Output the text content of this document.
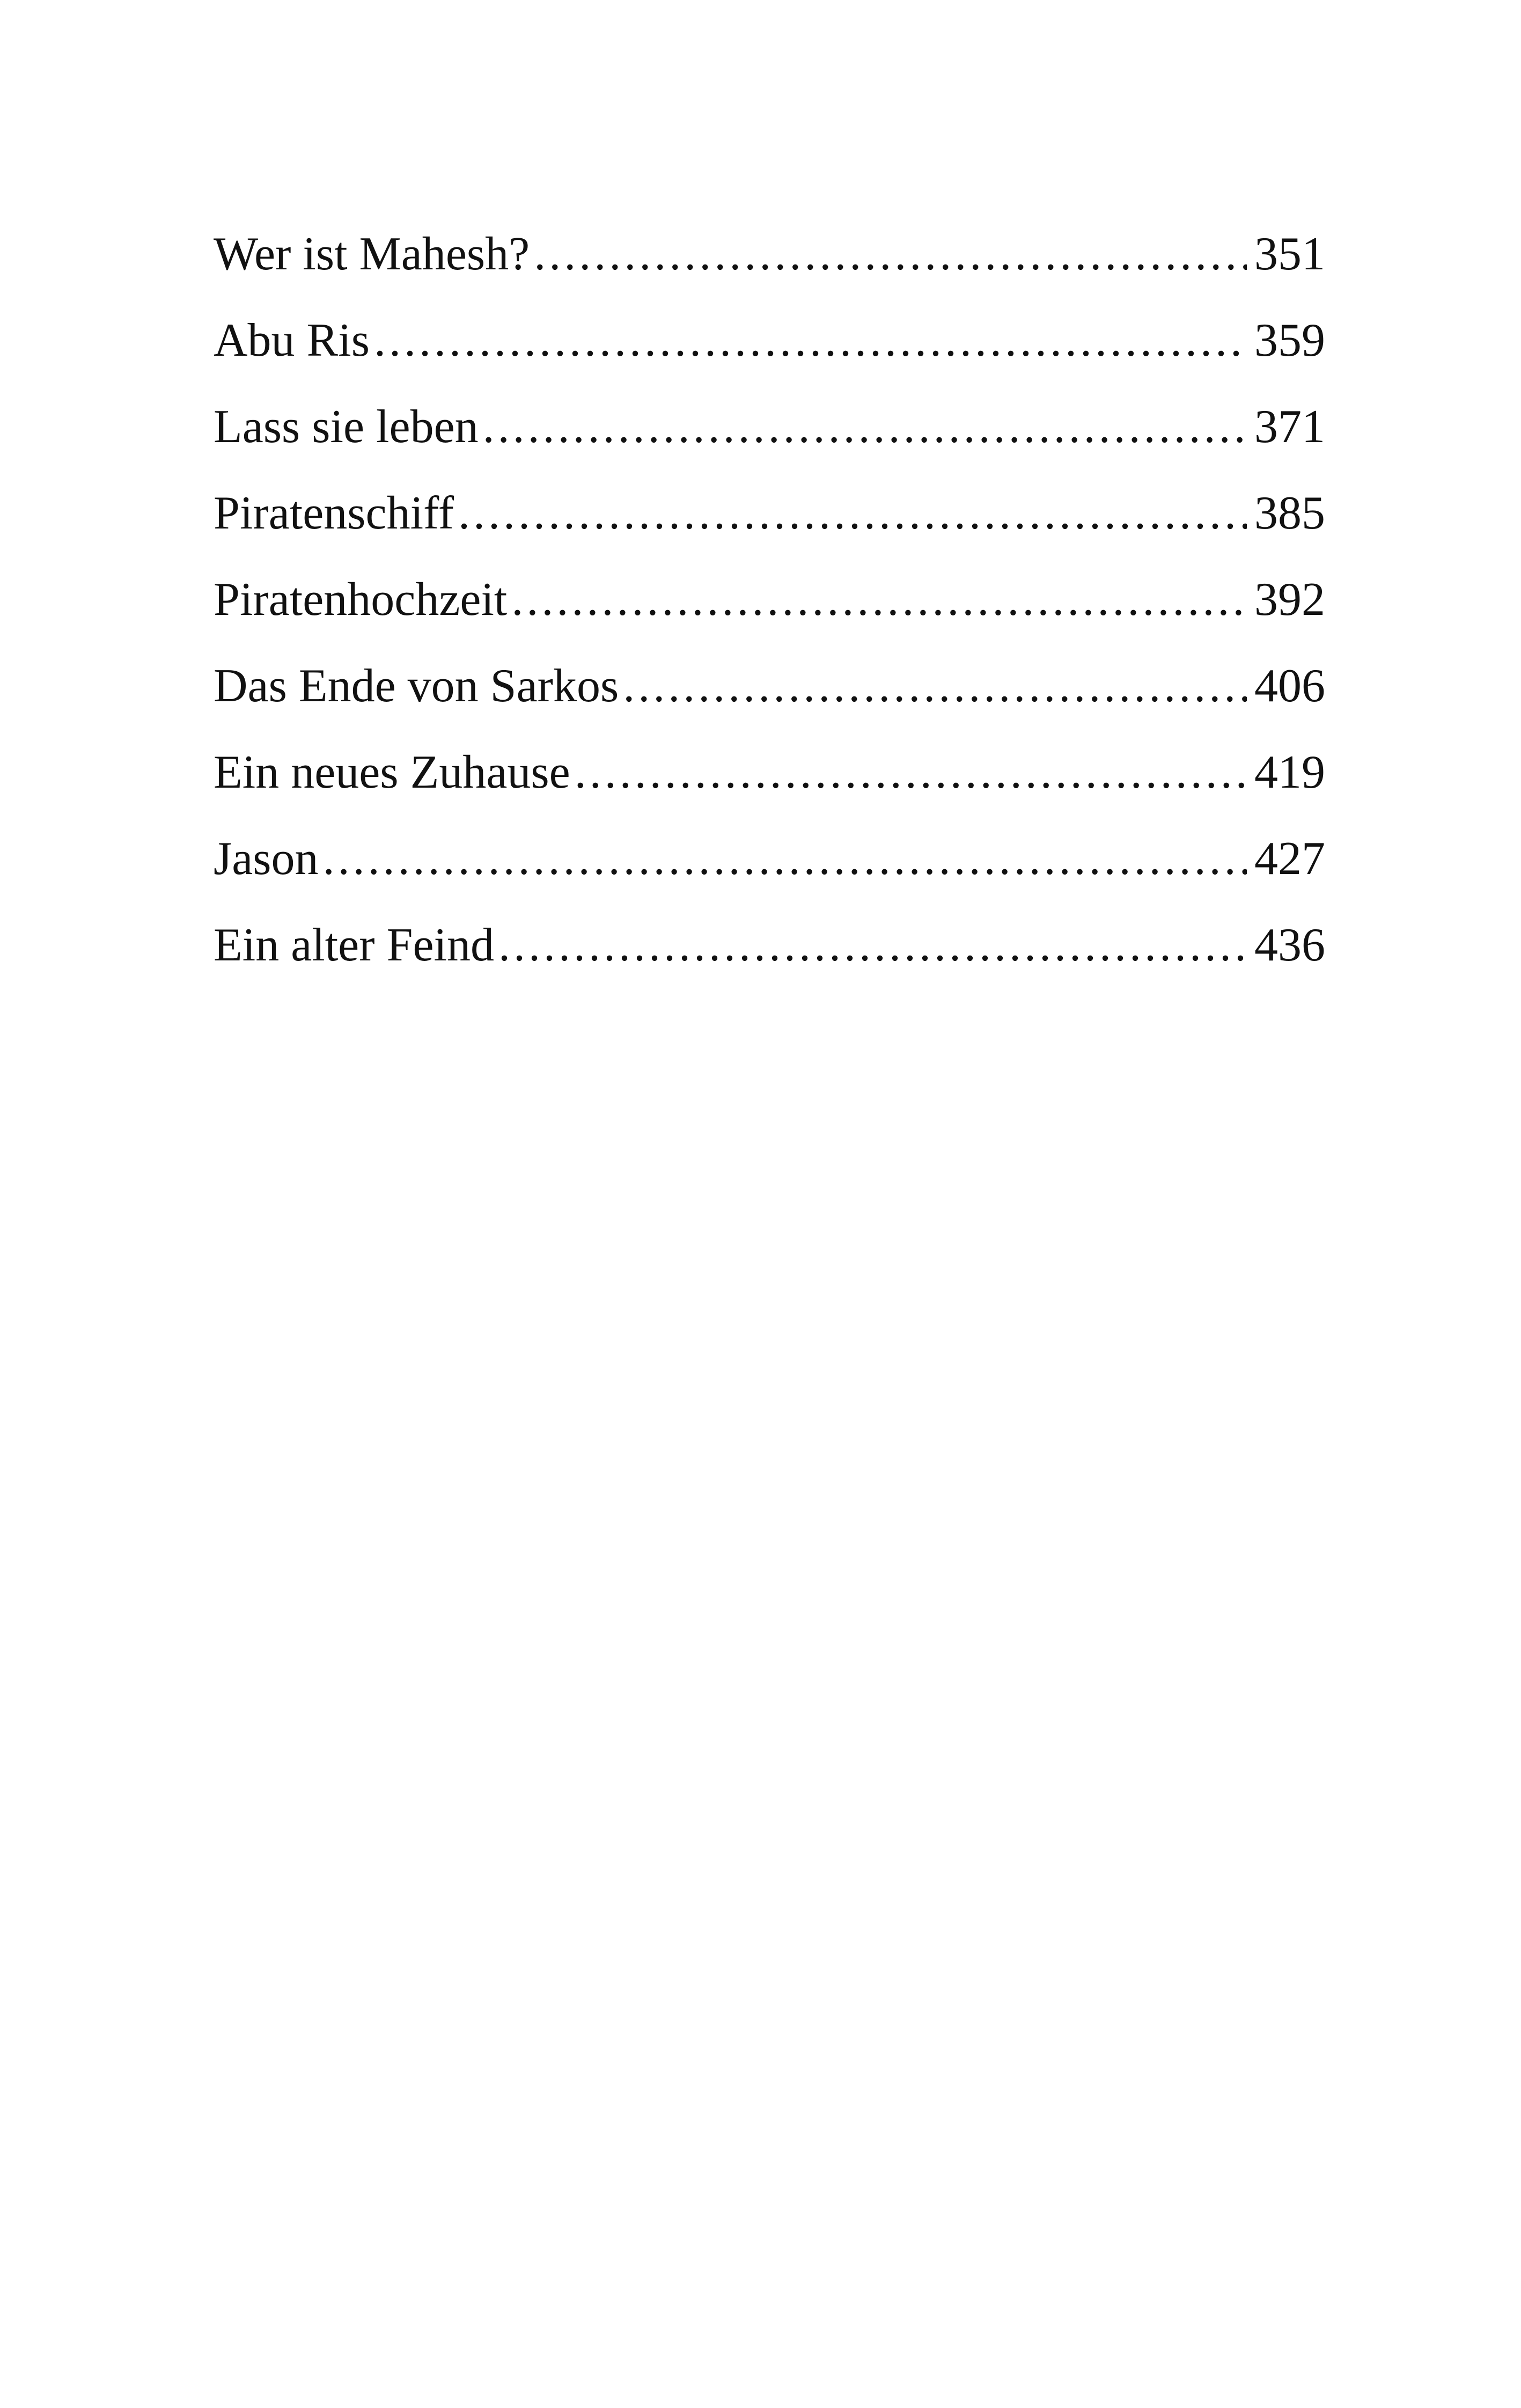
Wer ist Mahesh? .....	351
Abu Ris .....	359
Lass sie leben .....	371
Piratenschiff .....	385
Piratenhochzeit .....	392
Das Ende von Sarkos .....	406
Ein neues Zuhause .....	419
Jason .....	427
Ein alter Feind .....	436
